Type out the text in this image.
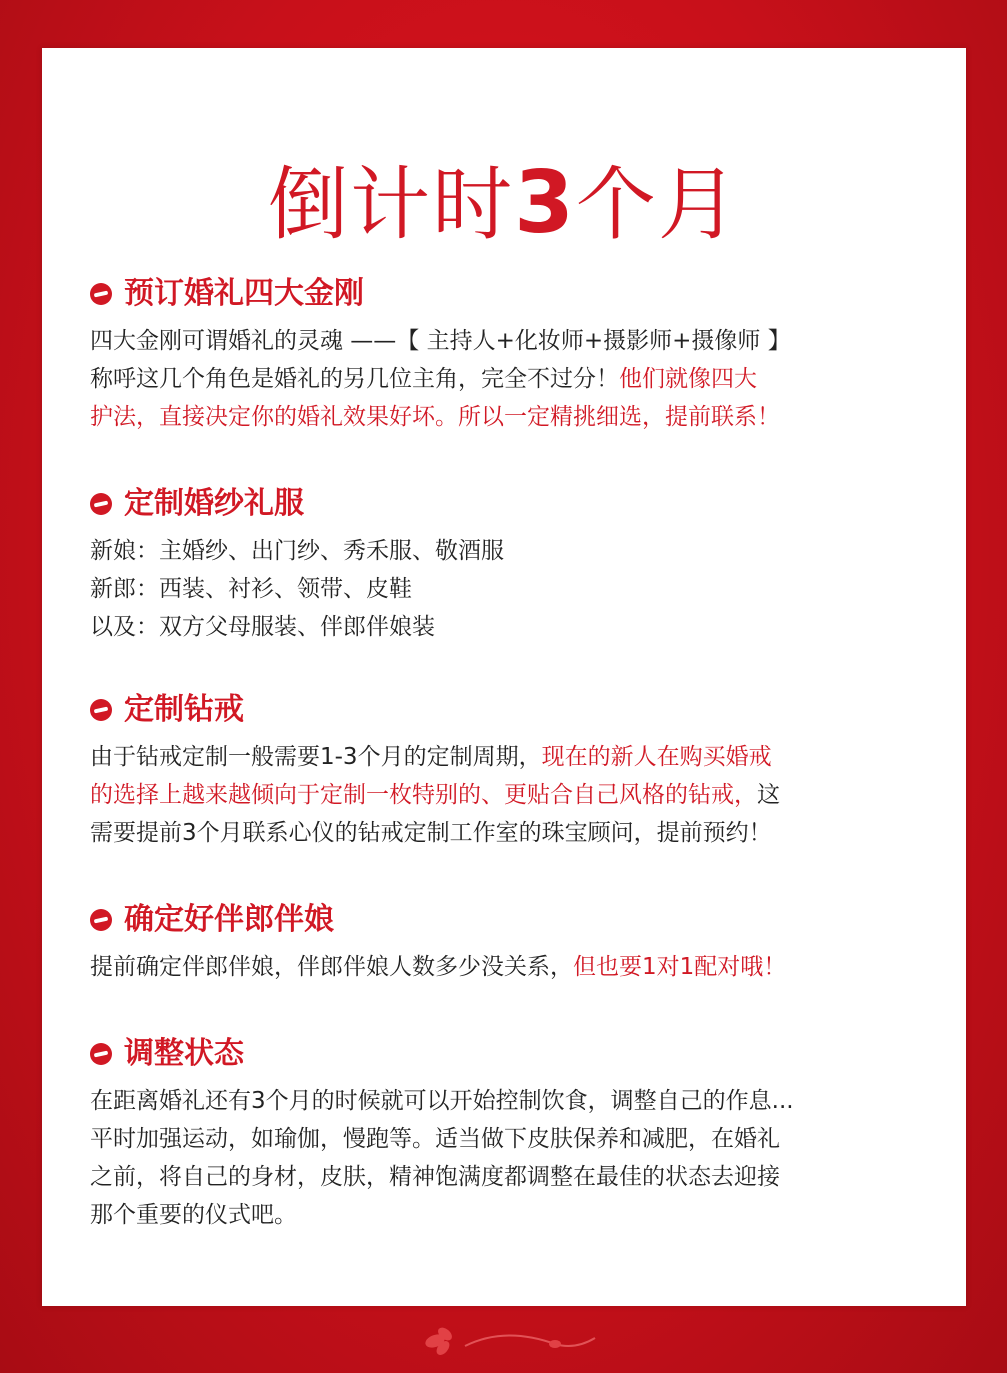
倒计时3个月
预订婚礼四大金刚
四大金刚可谓婚礼的灵魂 ——【 主持人+化妆师+摄影师+摄像师 】
称呼这几个角色是婚礼的另几位主角，完全不过分！他们就像四大
护法，直接决定你的婚礼效果好坏。所以一定精挑细选，提前联系！
定制婚纱礼服
新娘：主婚纱、出门纱、秀禾服、敬酒服
新郎：西装、衬衫、领带、皮鞋
以及：双方父母服装、伴郎伴娘装
定制钻戒
由于钻戒定制一般需要1-3个月的定制周期，现在的新人在购买婚戒
的选择上越来越倾向于定制一枚特别的、更贴合自己风格的钻戒，这
需要提前3个月联系心仪的钻戒定制工作室的珠宝顾问，提前预约！
确定好伴郎伴娘
提前确定伴郎伴娘，伴郎伴娘人数多少没关系，但也要1对1配对哦！
调整状态
在距离婚礼还有3个月的时候就可以开始控制饮食，调整自己的作息...
平时加强运动，如瑜伽，慢跑等。适当做下皮肤保养和减肥，在婚礼
之前，将自己的身材，皮肤，精神饱满度都调整在最佳的状态去迎接
那个重要的仪式吧。
